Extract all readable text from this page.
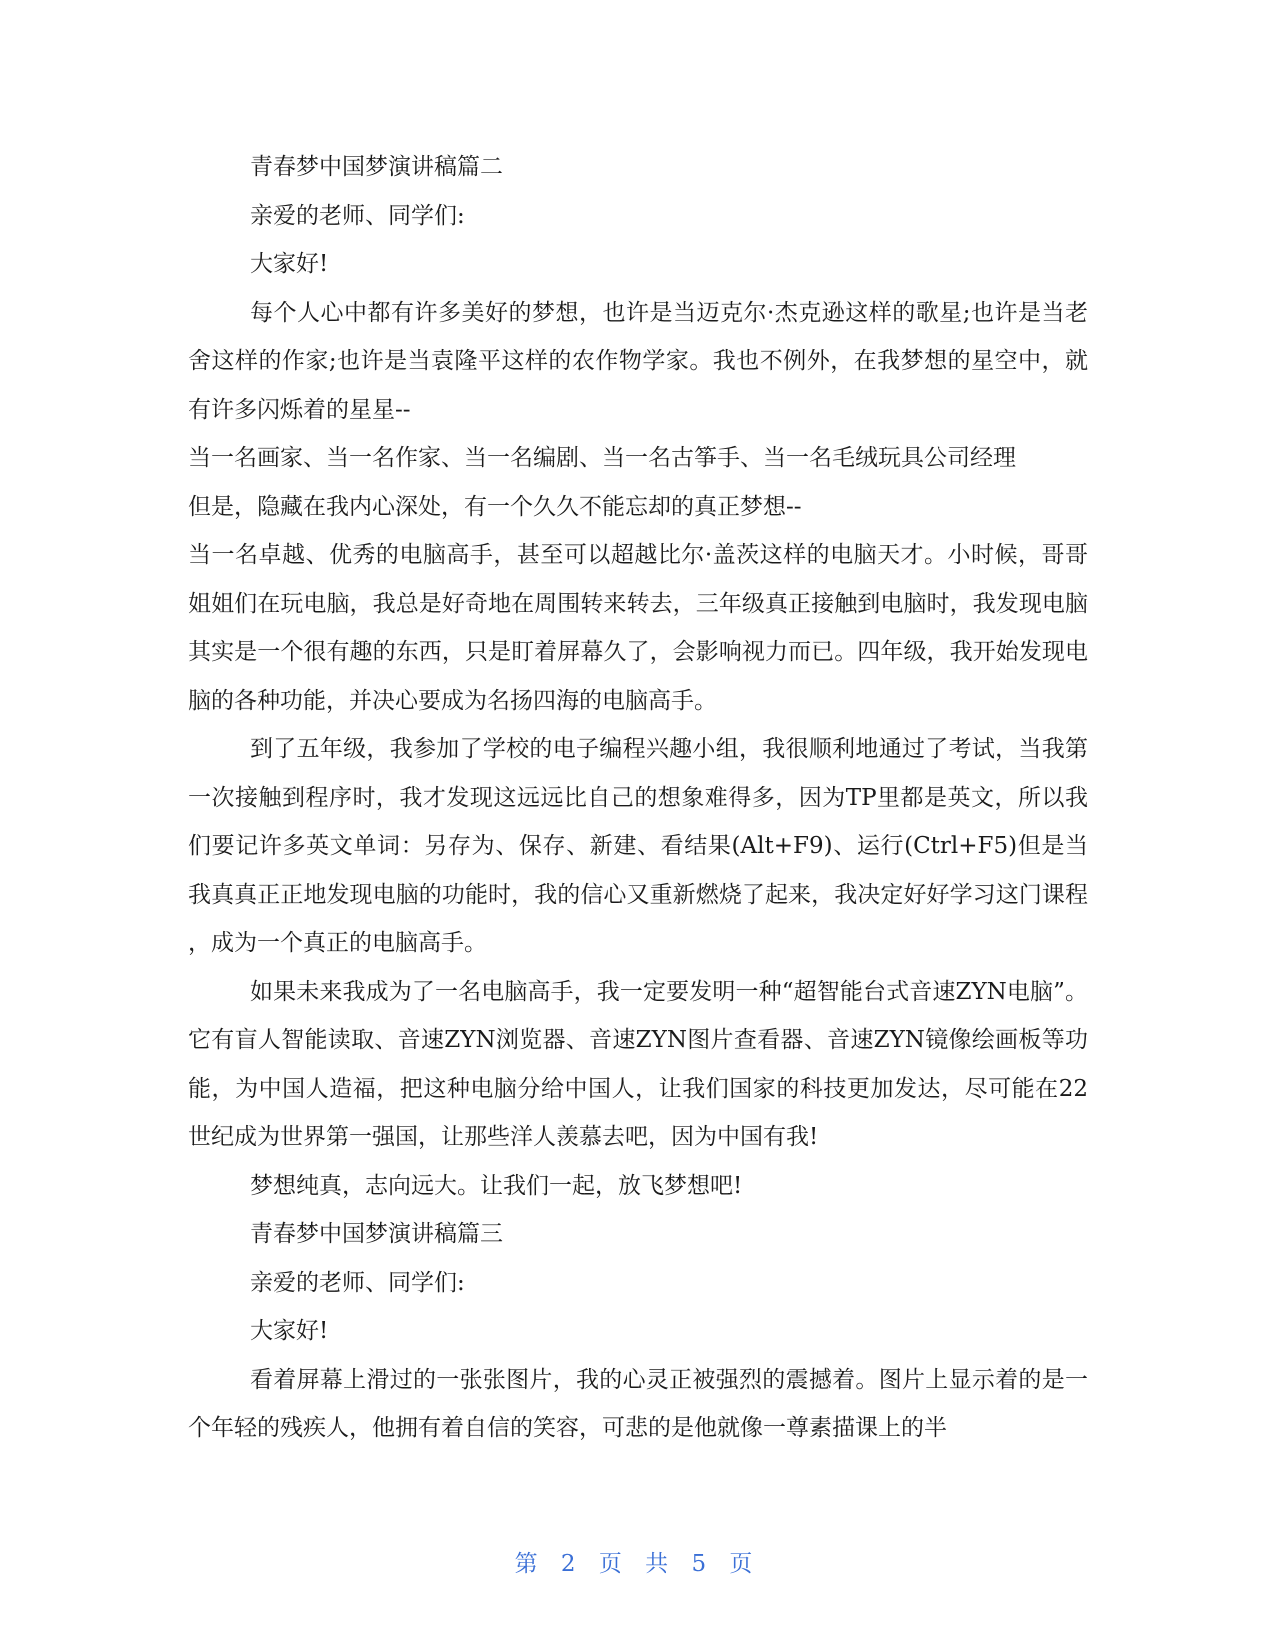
青春梦中国梦演讲稿篇二

亲爱的老师、同学们:

大家好!

每个人心中都有许多美好的梦想，也许是当迈克尔·杰克逊这样的歌星;也许是当老舍这样的作家;也许是当袁隆平这样的农作物学家。我也不例外，在我梦想的星空中，就有许多闪烁着的星星--

当一名画家、当一名作家、当一名编剧、当一名古筝手、当一名毛绒玩具公司经理

但是，隐藏在我内心深处，有一个久久不能忘却的真正梦想--

当一名卓越、优秀的电脑高手，甚至可以超越比尔·盖茨这样的电脑天才。小时候，哥哥姐姐们在玩电脑，我总是好奇地在周围转来转去，三年级真正接触到电脑时，我发现电脑其实是一个很有趣的东西，只是盯着屏幕久了，会影响视力而已。四年级，我开始发现电脑的各种功能，并决心要成为名扬四海的电脑高手。

到了五年级，我参加了学校的电子编程兴趣小组，我很顺利地通过了考试，当我第一次接触到程序时，我才发现这远远比自己的想象难得多，因为TP里都是英文，所以我们要记许多英文单词：另存为、保存、新建、看结果(Alt+F9)、运行(Ctrl+F5)但是当我真真正正地发现电脑的功能时，我的信心又重新燃烧了起来，我决定好好学习这门课程，成为一个真正的电脑高手。

如果未来我成为了一名电脑高手，我一定要发明一种“超智能台式音速ZYN电脑”。它有盲人智能读取、音速ZYN浏览器、音速ZYN图片查看器、音速ZYN镜像绘画板等功能，为中国人造福，把这种电脑分给中国人，让我们国家的科技更加发达，尽可能在22世纪成为世界第一强国，让那些洋人羡慕去吧，因为中国有我!

梦想纯真，志向远大。让我们一起，放飞梦想吧!

青春梦中国梦演讲稿篇三

亲爱的老师、同学们:

大家好!

看着屏幕上滑过的一张张图片，我的心灵正被强烈的震撼着。图片上显示着的是一个年轻的残疾人，他拥有着自信的笑容，可悲的是他就像一尊素描课上的半

第 2 页 共 5 页
